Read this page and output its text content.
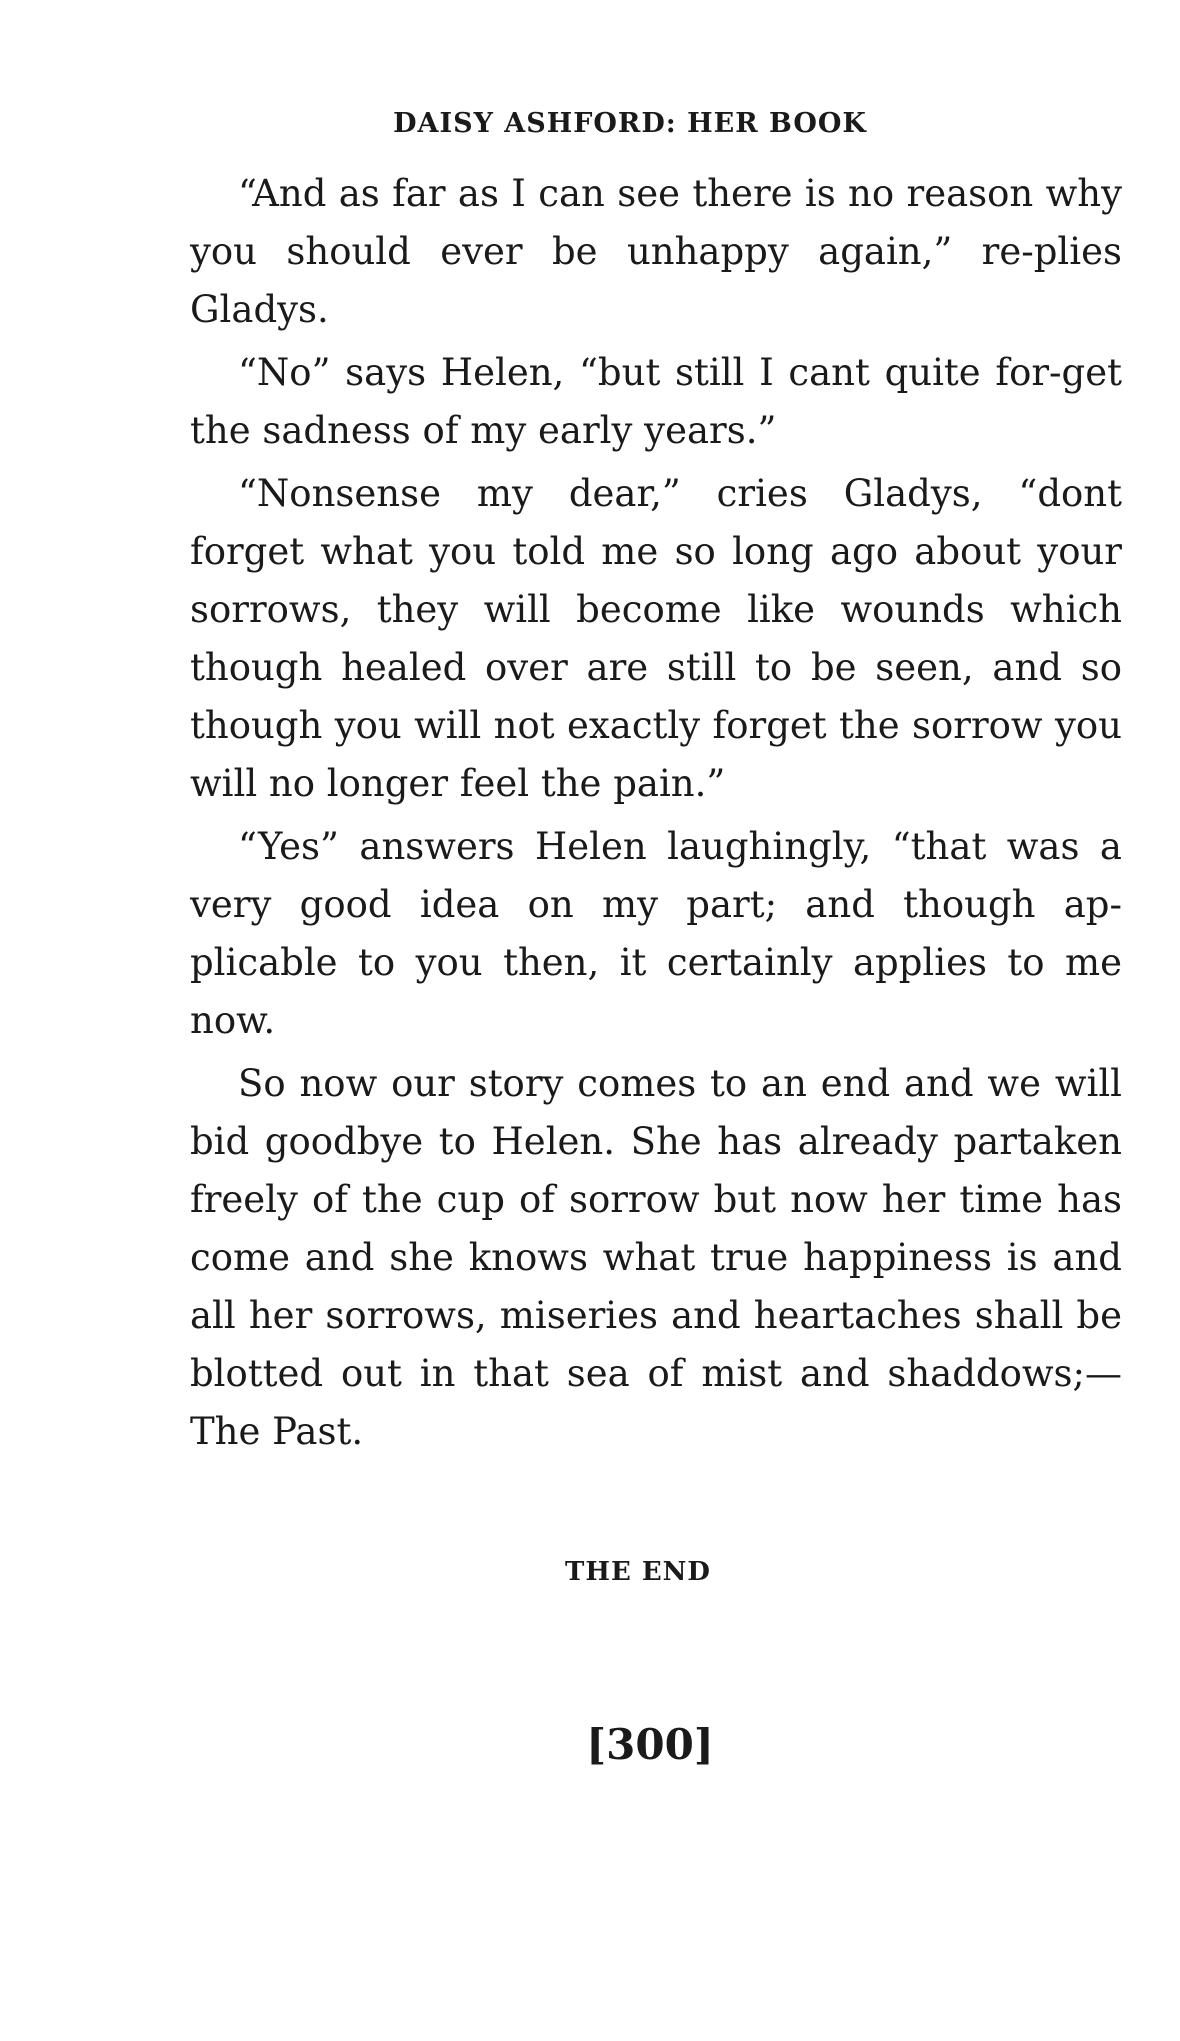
DAISY ASHFORD: HER BOOK

“And as far as I can see there is no reason why you should ever be unhappy again,” re-plies Gladys.

“No” says Helen, “but still I cant quite for-get the sadness of my early years.”

“Nonsense my dear,” cries Gladys, “dont forget what you told me so long ago about your sorrows, they will become like wounds which though healed over are still to be seen, and so though you will not exactly forget the sorrow you will no longer feel the pain.”

“Yes” answers Helen laughingly, “that was a very good idea on my part; and though ap-plicable to you then, it certainly applies to me now.

So now our story comes to an end and we will bid goodbye to Helen. She has already partaken freely of the cup of sorrow but now her time has come and she knows what true happiness is and all her sorrows, miseries and heartaches shall be blotted out in that sea of mist and shaddows;—The Past.

THE END
[300]
